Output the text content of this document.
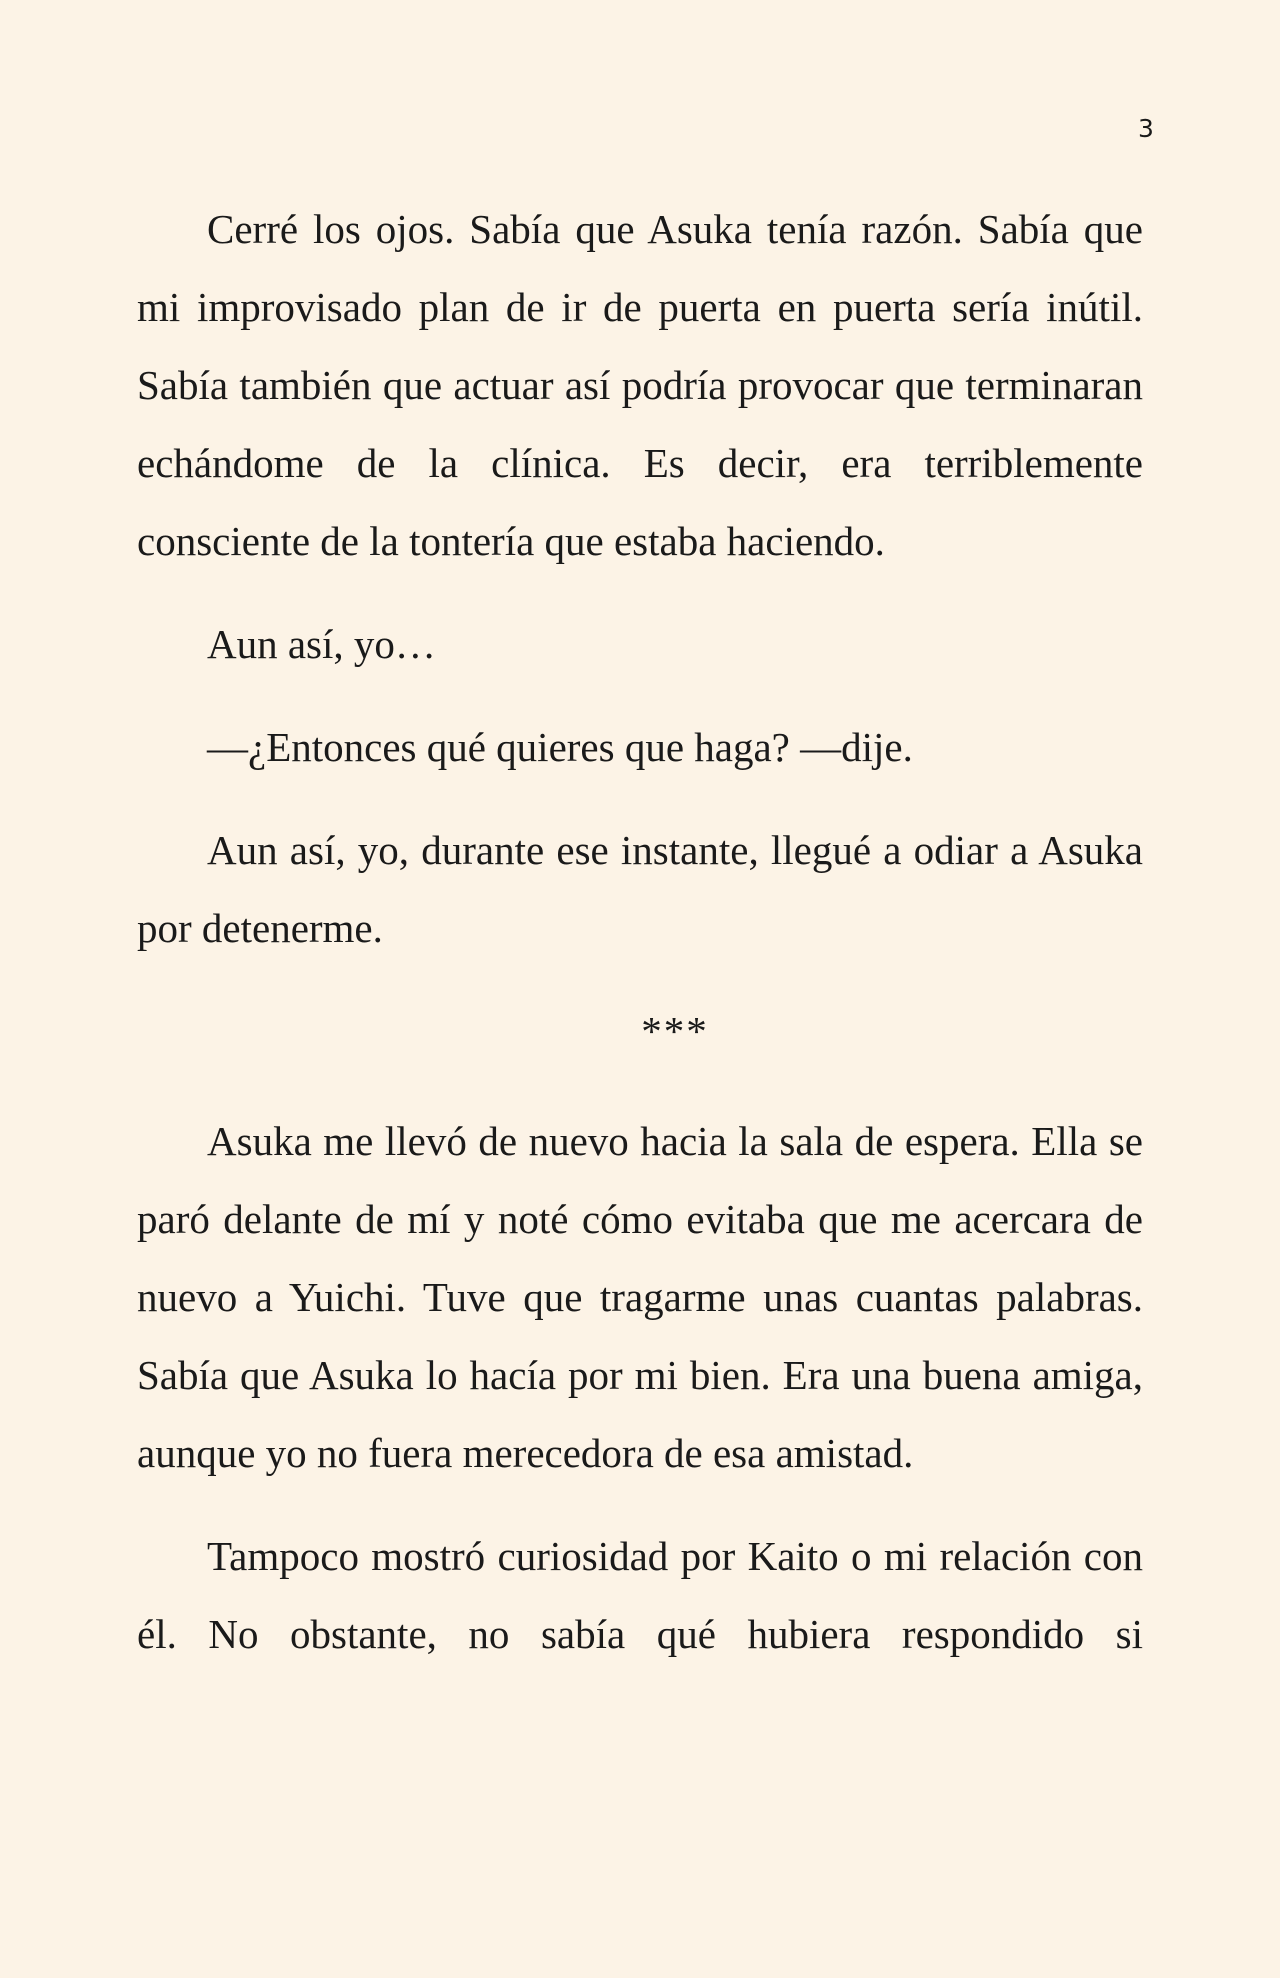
3

Cerré los ojos. Sabía que Asuka tenía razón. Sabía que mi improvisado plan de ir de puerta en puerta sería inútil. Sabía también que actuar así podría provocar que terminaran echándome de la clínica. Es decir, era terriblemente consciente de la tontería que estaba haciendo.

Aun así, yo…

—¿Entonces qué quieres que haga? —dije.

Aun así, yo, durante ese instante, llegué a odiar a Asuka por detenerme.

***

Asuka me llevó de nuevo hacia la sala de espera. Ella se paró delante de mí y noté cómo evitaba que me acercara de nuevo a Yuichi. Tuve que tragarme unas cuantas palabras. Sabía que Asuka lo hacía por mi bien. Era una buena amiga, aunque yo no fuera merecedora de esa amistad.

Tampoco mostró curiosidad por Kaito o mi relación con él. No obstante, no sabía qué hubiera respondido si
